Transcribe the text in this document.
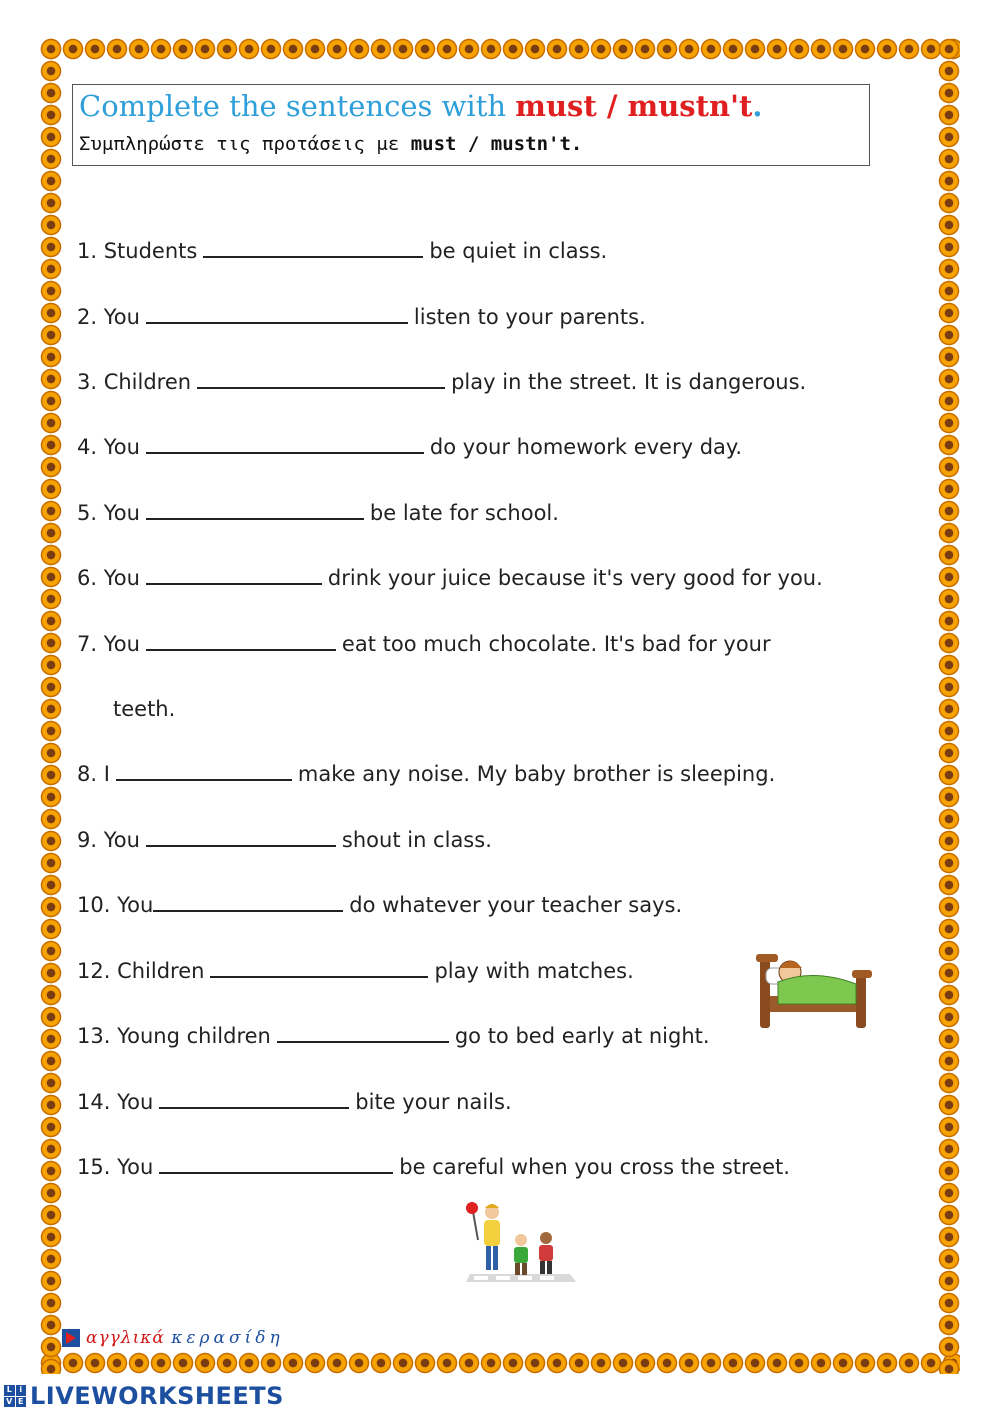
Complete the sentences with must / mustn't.
Συμπληρώστε τις προτάσεις με must / mustn't.
1. Students	be quiet in class.
2. You	listen to your parents.
3. Children	play in the street. It is dangerous.
4. You	do your homework every day.
5. You	be late for school.
6. You	drink your juice because it's very good for you.
7. You	eat too much chocolate. It's bad for your
teeth.
8. I	make any noise. My baby brother is sleeping.
9. You	shout in class.
10. You	do whatever your teacher says.
12. Children	play with matches.
13. Young children	go to bed early at night.
14. You	bite your nails.
15. You	be careful when you cross the street.
αγγλικά κερασίδη
L i
V E LIVEWORKSHEETS
